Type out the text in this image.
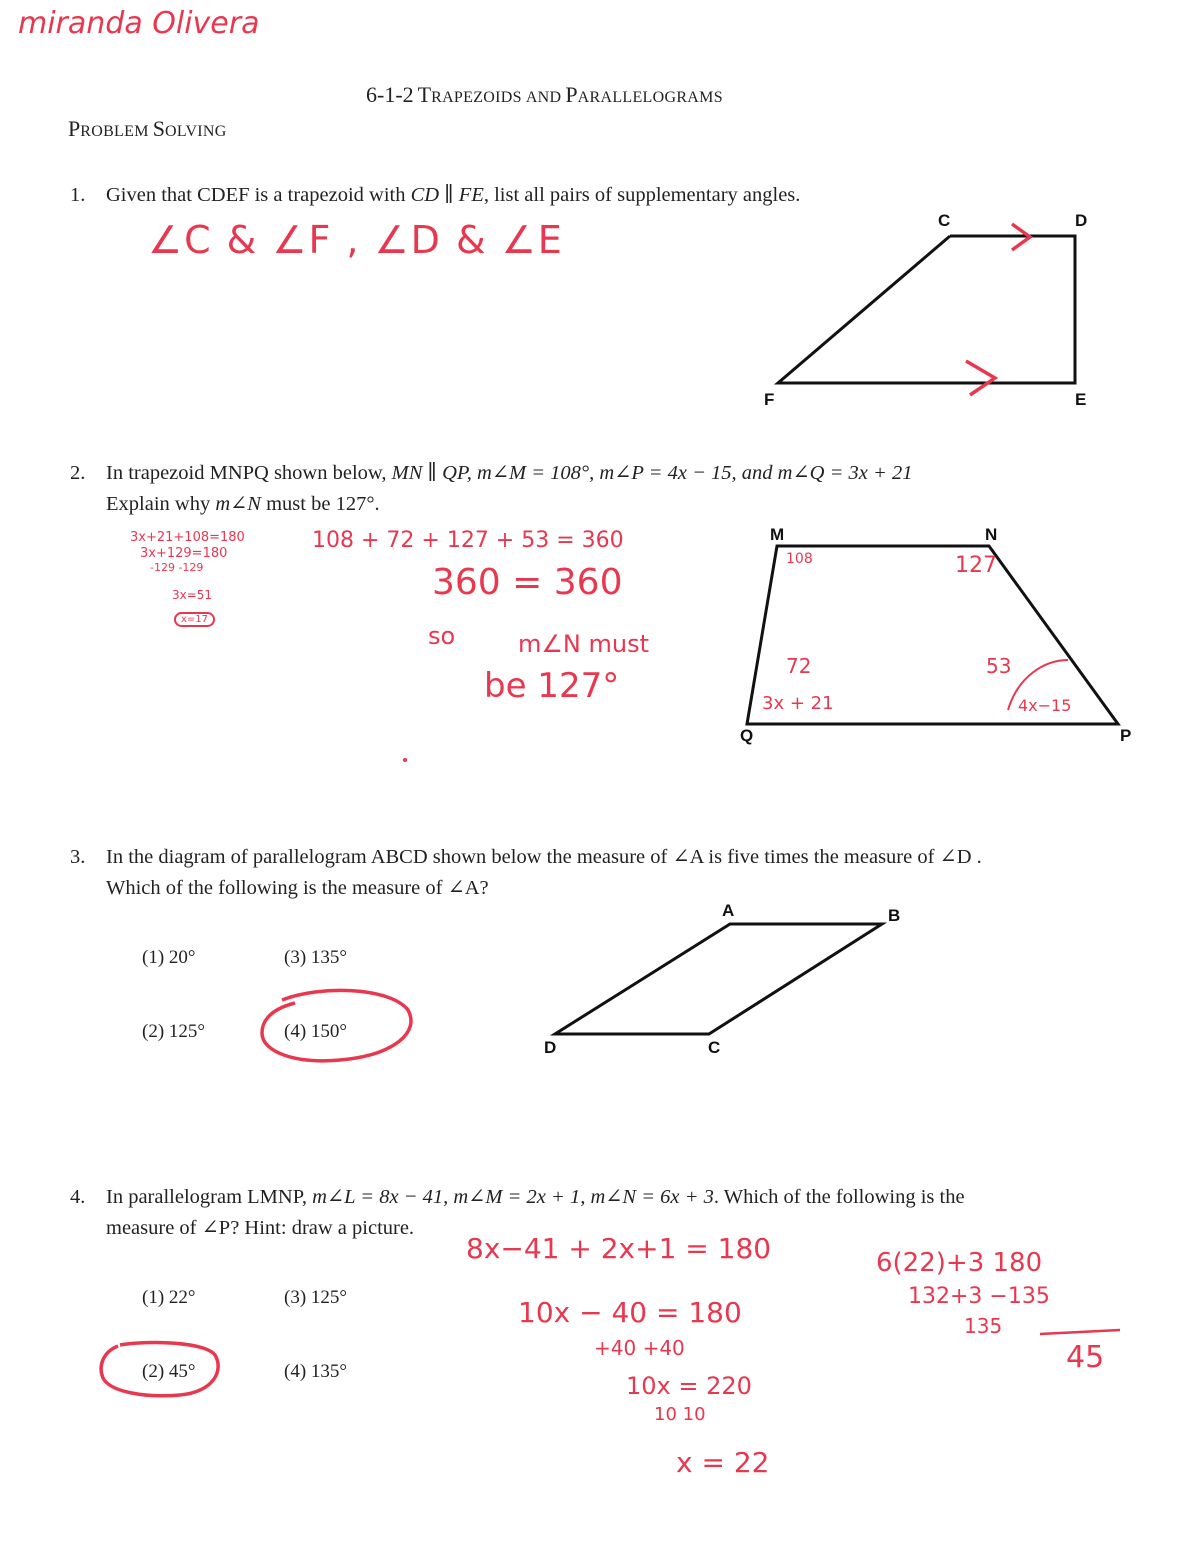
miranda Olivera
6-1-2 TRAPEZOIDS AND PARALLELOGRAMS
PROBLEM SOLVING
1. Given that CDEF is a trapezoid with CD ∥ FE, list all pairs of supplementary angles.
∠C & ∠F , ∠D & ∠E	C	D
E
F
2. In trapezoid MNPQ shown below, MN ∥ QP, m∠M = 108°, m∠P = 4x − 15, and m∠Q = 3x + 21
Explain why m∠N must be 127°.
3x+21+108=180
3x+129=180
-129 -129
3x=51
x=17
108 + 72 + 127 + 53 = 360
360 = 360
so	m∠N must
be 127°
M	N
P
Q
108	127
72
3x + 21
53
4x−15
3. In the diagram of parallelogram ABCD shown below the measure of ∠A is five times the measure of ∠D .
Which of the following is the measure of ∠A?
(1) 20°
(2) 125°
(3) 135°
(4) 150°
A	B
C
D
4. In parallelogram LMNP, m∠L = 8x − 41, m∠M = 2x + 1, m∠N = 6x + 3. Which of the following is the
measure of ∠P? Hint: draw a picture.
(1) 22°
(2) 45°
(3) 125°
(4) 135°
8x−41 + 2x+1 = 180
10x − 40 = 180
+40 +40
10x = 220
10 10
x = 22
6(22)+3 180
132+3 −135
135
45
